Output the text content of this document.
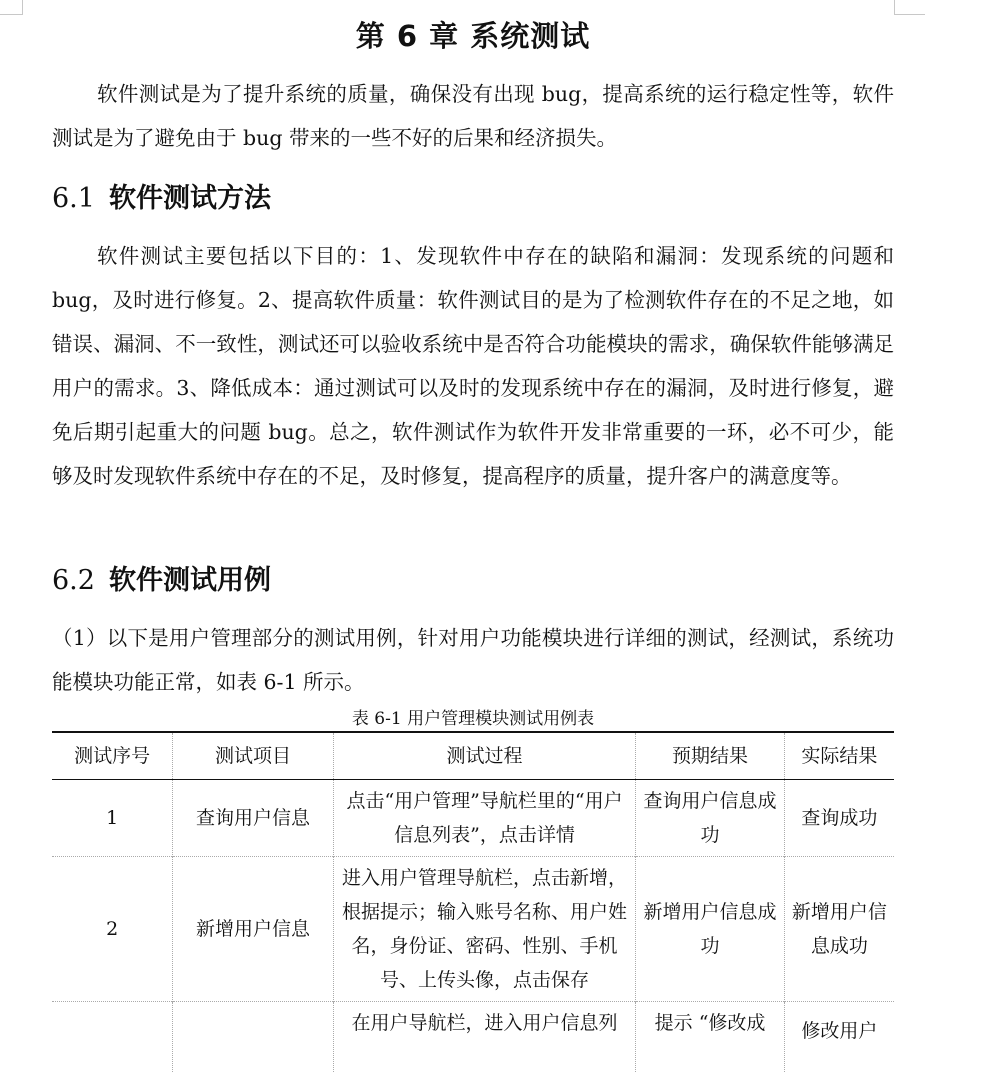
第 6 章 系统测试
软件测试是为了提升系统的质量，确保没有出现 bug，提高系统的运行稳定性等，软件测试是为了避免由于 bug 带来的一些不好的后果和经济损失。
6.1 软件测试方法
软件测试主要包括以下目的：1、发现软件中存在的缺陷和漏洞：发现系统的问题和 bug，及时进行修复。2、提高软件质量：软件测试目的是为了检测软件存在的不足之地，如错误、漏洞、不一致性，测试还可以验收系统中是否符合功能模块的需求，确保软件能够满足用户的需求。3、降低成本：通过测试可以及时的发现系统中存在的漏洞，及时进行修复，避免后期引起重大的问题 bug。总之，软件测试作为软件开发非常重要的一环，必不可少，能够及时发现软件系统中存在的不足，及时修复，提高程序的质量，提升客户的满意度等。
6.2 软件测试用例
（1）以下是用户管理部分的测试用例，针对用户功能模块进行详细的测试，经测试，系统功能模块功能正常，如表 6-1 所示。
表 6-1 用户管理模块测试用例表
测试序号	测试项目	测试过程	预期结果	实际结果
1	查询用户信息	点击“用户管理”导航栏里的“用户信息列表”，点击详情	查询用户信息成功	查询成功
2	新增用户信息	进入用户管理导航栏，点击新增，根据提示；输入账号名称、用户姓名，身份证、密码、性别、手机号、上传头像，点击保存	新增用户信息成功	新增用户信息成功
		在用户导航栏，进入用户信息列	提示 “修改成	修改用户
